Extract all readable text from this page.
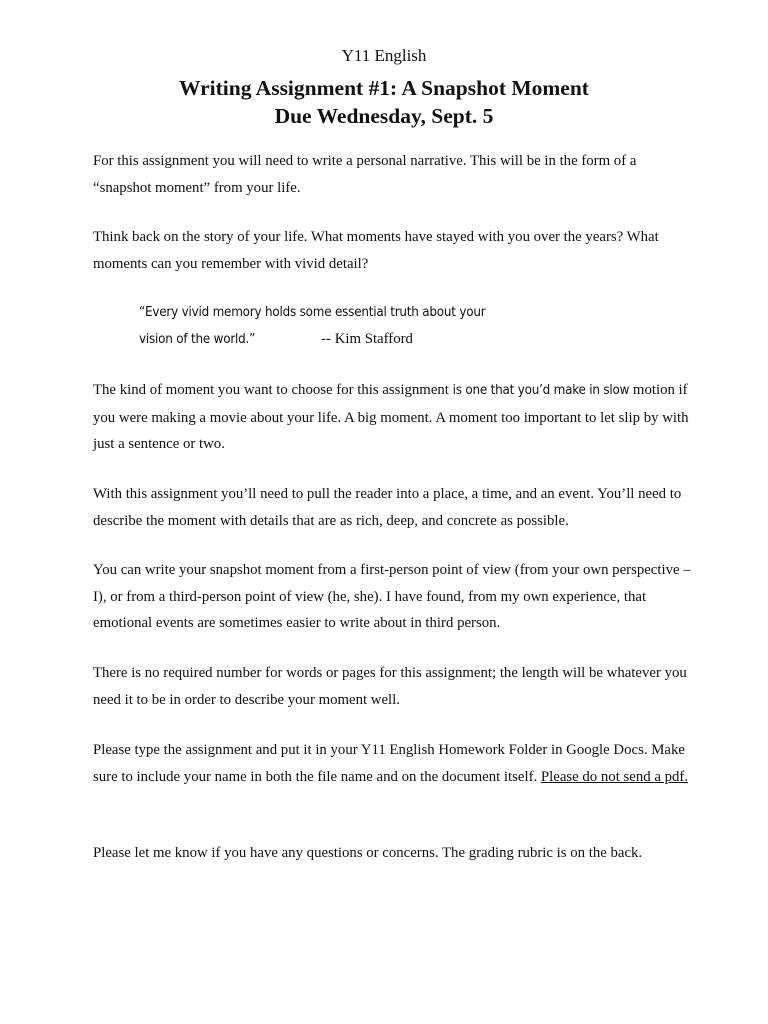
Y11 English
Writing Assignment #1: A Snapshot Moment
Due Wednesday, Sept. 5

For this assignment you will need to write a personal narrative. This will be in the form of a “snapshot moment” from your life.

Think back on the story of your life. What moments have stayed with you over the years? What moments can you remember with vivid detail?

“Every vivid memory holds some essential truth about your
vision of the world.”	-- Kim Stafford

The kind of moment you want to choose for this assignment is one that you’d make in slow motion if you were making a movie about your life. A big moment. A moment too important to let slip by with just a sentence or two.

With this assignment you’ll need to pull the reader into a place, a time, and an event. You’ll need to describe the moment with details that are as rich, deep, and concrete as possible.

You can write your snapshot moment from a first-person point of view (from your own perspective – I), or from a third-person point of view (he, she). I have found, from my own experience, that emotional events are sometimes easier to write about in third person.

There is no required number for words or pages for this assignment; the length will be whatever you need it to be in order to describe your moment well.

Please type the assignment and put it in your Y11 English Homework Folder in Google Docs. Make sure to include your name in both the file name and on the document itself. Please do not send a pdf.

Please let me know if you have any questions or concerns. The grading rubric is on the back.
